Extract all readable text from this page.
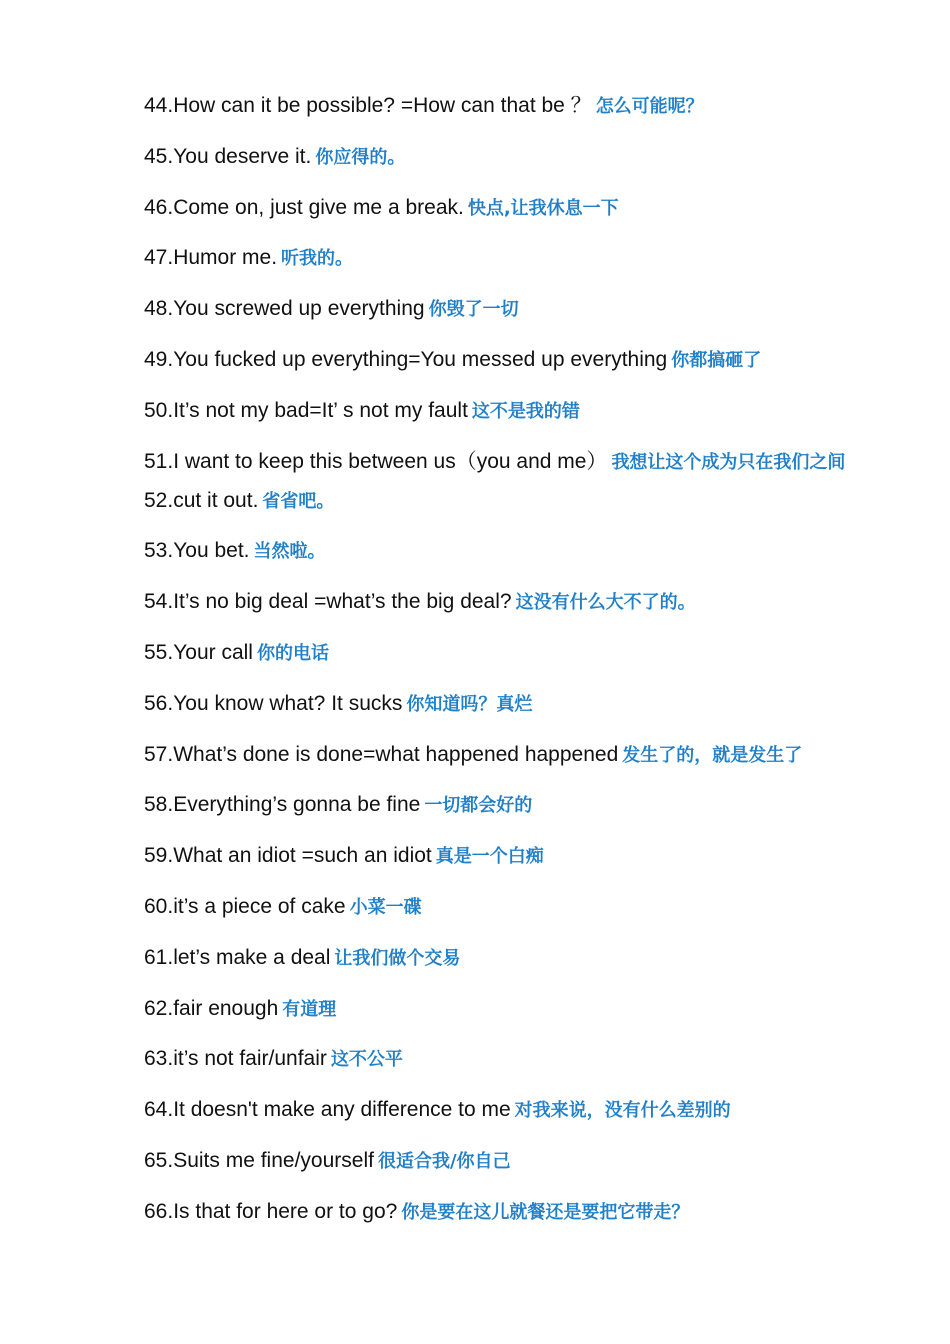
44.How can it be possible? =How can that be ？ 怎么可能呢？
45.You deserve it. 你应得的。
46.Come on, just give me a break. 快点,让我休息一下
47.Humor me. 听我的。
48.You screwed up everything 你毁了一切
49.You fucked up everything=You messed up everything 你都搞砸了
50.It’s not my bad=It’ s not my fault 这不是我的错
51.I want to keep this between us（you and me） 我想让这个成为只在我们之间
52.cut it out. 省省吧。
53.You bet. 当然啦。
54.It’s no big deal =what’s the big deal? 这没有什么大不了的。
55.Your call 你的电话
56.You know what? It sucks 你知道吗？真烂
57.What’s done is done=what happened happened 发生了的，就是发生了
58.Everything’s gonna be fine 一切都会好的
59.What an idiot =such an idiot 真是一个白痴
60.it’s a piece of cake 小菜一碟
61.let’s make a deal 让我们做个交易
62.fair enough 有道理
63.it’s not fair/unfair 这不公平
64.It doesn't make any difference to me 对我来说，没有什么差别的
65.Suits me fine/yourself 很适合我/你自己
66.Is that for here or to go? 你是要在这儿就餐还是要把它带走？
